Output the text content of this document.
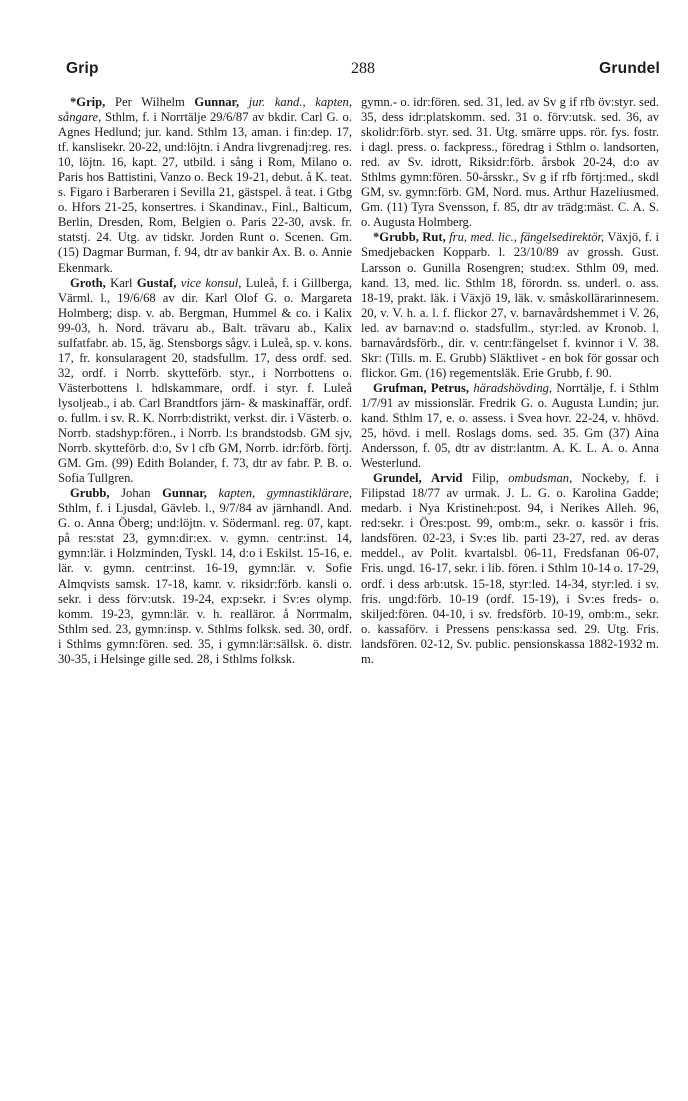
Grip	288	Grundel

*Grip, Per Wilhelm Gunnar, jur. kand., kapten, sångare, Sthlm, f. i Norrtälje 29/6/87 av bkdir. Carl G. o. Agnes Hedlund; jur. kand. Sthlm 13, aman. i fin:dep. 17, tf. kanslisekr. 20-22, und:löjtn. i Andra livgrenadj:reg. res. 10, löjtn. 16, kapt. 27, utbild. i sång i Rom, Milano o. Paris hos Battistini, Vanzo o. Beck 19-21, debut. å K. teat. s. Figaro i Barberaren i Sevilla 21, gästspel. å teat. i Gtbg o. Hfors 21-25, konsertres. i Skandinav., Finl., Balticum, Berlin, Dresden, Rom, Belgien o. Paris 22-30, avsk. fr. statstj. 24. Utg. av tidskr. Jorden Runt o. Scenen. Gm. (15) Dagmar Burman, f. 94, dtr av bankir Ax. B. o. Annie Ekenmark.

Groth, Karl Gustaf, vice konsul, Luleå, f. i Gillberga, Värml. l., 19/6/68 av dir. Karl Olof G. o. Margareta Holmberg; disp. v. ab. Bergman, Hummel & co. i Kalix 99-03, h. Nord. trävaru ab., Balt. trävaru ab., Kalix sulfatfabr. ab. 15, äg. Stensborgs sågv. i Luleå, sp. v. kons. 17, fr. konsularagent 20, stadsfullm. 17, dess ordf. sed. 32, ordf. i Norrb. skytteförb. styr., i Norrbottens o. Västerbottens l. hdlskammare, ordf. i styr. f. Luleå lysoljeab., i ab. Carl Brandtfors järn- & maskinaffär, ordf. o. fullm. i sv. R. K. Norrb:distrikt, verkst. dir. i Västerb. o. Norrb. stadshyp:fören., i Norrb. l:s brandstodsb. GM sjv, Norrb. skytteförb. d:o, Sv l cfb GM, Norrb. idr:förb. förtj. GM. Gm. (99) Edith Bolander, f. 73, dtr av fabr. P. B. o. Sofia Tullgren.

Grubb, Johan Gunnar, kapten, gymnastiklärare, Sthlm, f. i Ljusdal, Gävleb. l., 9/7/84 av järnhandl. And. G. o. Anna Öberg; und:löjtn. v. Södermanl. reg. 07, kapt. på res:stat 23, gymn:dir:ex. v. gymn. centr:inst. 14, gymn:lär. i Holzminden, Tyskl. 14, d:o i Eskilst. 15-16, e. lär. v. gymn. centr:inst. 16-19, gymn:lär. v. Sofie Almqvists samsk. 17-18, kamr. v. riksidr:förb. kansli o. sekr. i dess förv:utsk. 19-24, exp:sekr. i Sv:es olymp. komm. 19-23, gymn:lär. v. h. realläror. å Norrmalm, Sthlm sed. 23, gymn:insp. v. Sthlms folksk. sed. 30, ordf. i Sthlms gymn:fören. sed. 35, i gymn:lär:sällsk. ö. distr. 30-35, i Helsinge gille sed. 28, i Sthlms folksk.

gymn.- o. idr:fören. sed. 31, led. av Sv g if rfb öv:styr. sed. 35, dess idr:platskomm. sed. 31 o. förv:utsk. sed. 36, av skolidr:förb. styr. sed. 31. Utg. smärre upps. rör. fys. fostr. i dagl. press. o. fackpress., föredrag i Sthlm o. landsorten, red. av Sv. idrott, Riksidr:förb. årsbok 20-24, d:o av Sthlms gymn:fören. 50-årsskr., Sv g if rfb förtj:med., skdl GM, sv. gymn:förb. GM, Nord. mus. Arthur Hazeliusmed. Gm. (11) Tyra Svensson, f. 85, dtr av trädg:mäst. C. A. S. o. Augusta Holmberg.

*Grubb, Rut, fru, med. lic., fängelsedirektör, Växjö, f. i Smedjebacken Kopparb. l. 23/10/89 av grossh. Gust. Larsson o. Gunilla Rosengren; stud:ex. Sthlm 09, med. kand. 13, med. lic. Sthlm 18, förordn. ss. underl. o. ass. 18-19, prakt. läk. i Växjö 19, läk. v. småskollärarinnesem. 20, v. V. h. a. l. f. flickor 27, v. barnavårdshemmet i V. 26, led. av barnav:nd o. stadsfullm., styr:led. av Kronob. l. barnavårdsförb., dir. v. centr:fängelset f. kvinnor i V. 38. Skr: (Tills. m. E. Grubb) Släktlivet - en bok för gossar och flickor. Gm. (16) regementsläk. Erie Grubb, f. 90.

Grufman, Petrus, häradshövding, Norrtälje, f. i Sthlm 1/7/91 av missionslär. Fredrik G. o. Augusta Lundin; jur. kand. Sthlm 17, e. o. assess. i Svea hovr. 22-24, v. hhövd. 25, hövd. i mell. Roslags doms. sed. 35. Gm (37) Aina Andersson, f. 05, dtr av distr:lantm. A. K. L. A. o. Anna Westerlund.

Grundel, Arvid Filip, ombudsman, Nockeby, f. i Filipstad 18/77 av urmak. J. L. G. o. Karolina Gadde; medarb. i Nya Kristineh:post. 94, i Nerikes Alleh. 96, red:sekr. i Öres:post. 99, omb:m., sekr. o. kassör i fris. landsfören. 02-23, i Sv:es lib. parti 23-27, red. av deras meddel., av Polit. kvartalsbl. 06-11, Fredsfanan 06-07, Fris. ungd. 16-17, sekr. i lib. fören. i Sthlm 10-14 o. 17-29, ordf. i dess arb:utsk. 15-18, styr:led. 14-34, styr:led. i sv. fris. ungd:förb. 10-19 (ordf. 15-19), i Sv:es freds- o. skiljed:fören. 04-10, i sv. fredsförb. 10-19, omb:m., sekr. o. kassaförv. i Pressens pens:kassa sed. 29. Utg. Fris. landsfören. 02-12, Sv. public. pensionskassa 1882-1932 m. m.
